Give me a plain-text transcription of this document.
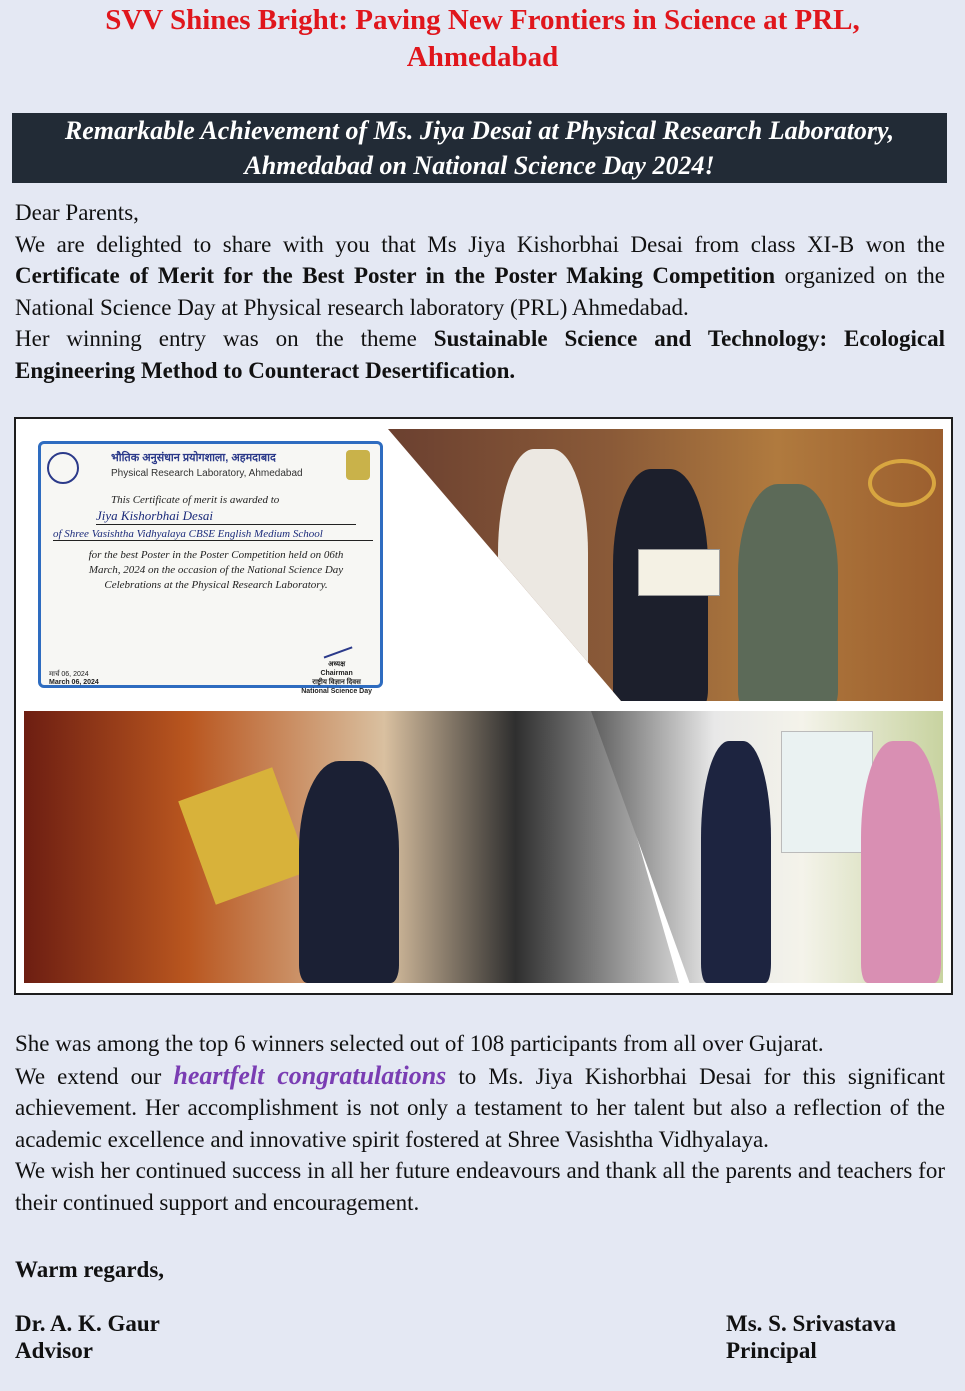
SVV Shines Bright: Paving New Frontiers in Science at PRL,
Ahmedabad
Remarkable Achievement of Ms. Jiya Desai at Physical Research Laboratory,
Ahmedabad on National Science Day 2024!

Dear Parents,

We are delighted to share with you that Ms Jiya Kishorbhai Desai from class XI-B won the Certificate of Merit for the Best Poster in the Poster Making Competition organized on the National Science Day at Physical research laboratory (PRL) Ahmedabad.

Her winning entry was on the theme Sustainable Science and Technology: Ecological Engineering Method to Counteract Desertification.

भौतिक अनुसंधान प्रयोगशाला, अहमदाबाद
Physical Research Laboratory, Ahmedabad
This Certificate of merit is awarded to
Jiya Kishorbhai Desai
of Shree Vasishtha Vidhyalaya CBSE English Medium School
for the best Poster in the Poster Competition held on 06th March, 2024 on the occasion of the National Science Day Celebrations at the Physical Research Laboratory.
अध्यक्ष
Chairman
राष्ट्रीय विज्ञान दिवस
National Science Day
मार्च 06, 2024
March 06, 2024

She was among the top 6 winners selected out of 108 participants from all over Gujarat.

We extend our heartfelt congratulations to Ms. Jiya Kishorbhai Desai for this significant achievement. Her accomplishment is not only a testament to her talent but also a reflection of the academic excellence and innovative spirit fostered at Shree Vasishtha Vidhyalaya.

We wish her continued success in all her future endeavours and thank all the parents and teachers for their continued support and encouragement.

Warm regards,
Dr. A. K. Gaur
Advisor
Ms. S. Srivastava
Principal
